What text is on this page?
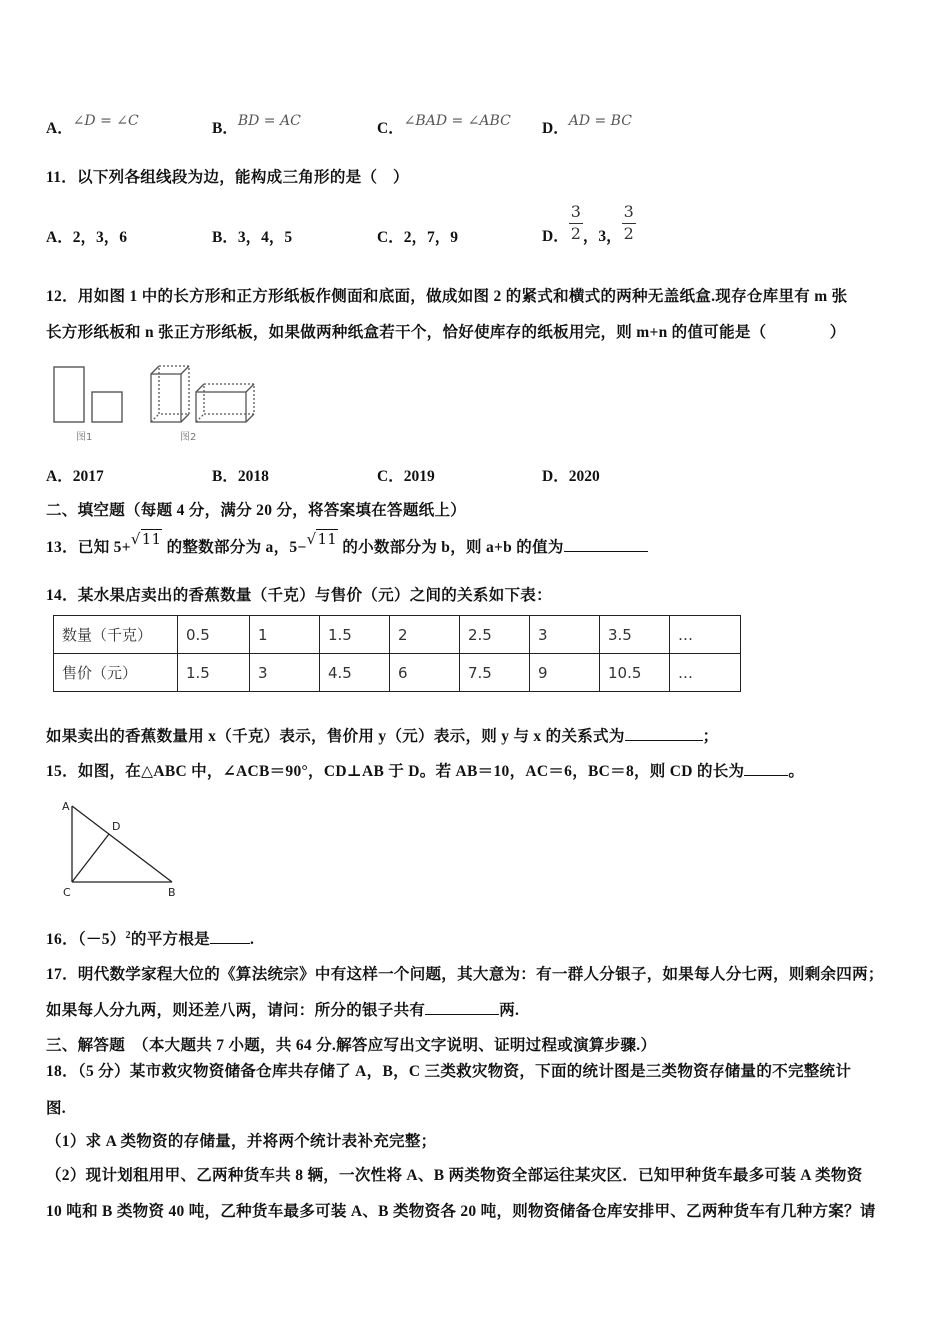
A．∠D = ∠C	B．BD = AC	C．∠BAD = ∠ABC D．AD = BC
11．以下列各组线段为边，能构成三角形的是（　）
A．2，3，6	B．3，4，5	C．2，7，9	D． $\frac{3}{2}$ ，3， $\frac{3}{2}$
12．用如图 1 中的长方形和正方形纸板作侧面和底面，做成如图 2 的紧式和横式的两种无盖纸盒.现存仓库里有 m 张
长方形纸板和 n 张正方形纸板，如果做两种纸盒若干个，恰好使库存的纸板用完，则 m+n 的值可能是（　　　　）
图1	图2
A．2017	B．2018	C．2019	D．2020
二、填空题（每题 4 分，满分 20 分，将答案填在答题纸上）
13．已知 5+√11 的整数部分为 a，5−√11 的小数部分为 b，则 a+b 的值为
14．某水果店卖出的香蕉数量（千克）与售价（元）之间的关系如下表：
数量（千克）	0.5	1	1.5	2	2.5	3	3.5	…
售价（元）	1.5	3	4.5	6	7.5	9	10.5	…
如果卖出的香蕉数量用 x（千克）表示，售价用 y（元）表示，则 y 与 x 的关系式为	；
15．如图，在△ABC 中，∠ACB＝90°，CD⊥AB 于 D。若 AB＝10，AC＝6，BC＝8，则 CD 的长为	。
A
D
C	B
16．$(-5)^2$的平方根是	.
17．明代数学家程大位的《算法统宗》中有这样一个问题，其大意为：有一群人分银子，如果每人分七两，则剩余四两；
如果每人分九两，则还差八两，请问：所分的银子共有	两.
三、解答题　（本大题共 7 小题，共 64 分.解答应写出文字说明、证明过程或演算步骤.）
18．（5 分）某市救灾物资储备仓库共存储了 A，B，C 三类救灾物资，下面的统计图是三类物资存储量的不完整统计
图.
（1）求 A 类物资的存储量，并将两个统计表补充完整；
（2）现计划租用甲、乙两种货车共 8 辆，一次性将 A、B 两类物资全部运往某灾区．已知甲种货车最多可装 A 类物资
10 吨和 B 类物资 40 吨，乙种货车最多可装 A、B 类物资各 20 吨，则物资储备仓库安排甲、乙两种货车有几种方案？请
